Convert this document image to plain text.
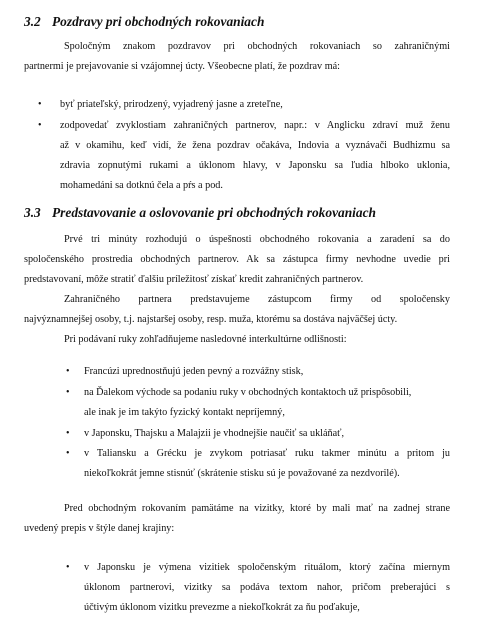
3.2 Pozdravy pri obchodných rokovaniach

Spoločným znakom pozdravov pri obchodných rokovaniach so zahraničnými

partnermi je prejavovanie si vzájomnej úcty. Všeobecne platí, že pozdrav má:

• byť priateľský, prirodzený, vyjadrený jasne a zreteľne,

• zodpovedať zvyklostiam zahraničných partnerov, napr.: v Anglicku zdraví muž ženu

až v okamihu, keď vidí, že žena pozdrav očakáva, Indovia a vyznávači Budhizmu sa

zdravia zopnutými rukami a úklonom hlavy, v Japonsku sa ľudia hlboko uklonia,

mohamedáni sa dotknú čela a pŕs a pod.

3.3 Predstavovanie a oslovovanie pri obchodných rokovaniach

Prvé tri minúty rozhodujú o úspešnosti obchodného rokovania a zaradení sa do

spoločenského prostredia obchodných partnerov. Ak sa zástupca firmy nevhodne uvedie pri

predstavovaní, môže stratiť ďalšiu príležitosť získať kredit zahraničných partnerov.

Zahraničného partnera predstavujeme zástupcom firmy od spoločensky

najvýznamnejšej osoby, t.j. najstaršej osoby, resp. muža, ktorému sa dostáva najväčšej úcty.

Pri podávaní ruky zohľadňujeme nasledovné interkultúrne odlišnosti:

• Francúzi uprednostňujú jeden pevný a rozvážny stisk,

• na Ďalekom východe sa podaniu ruky v obchodných kontaktoch už prispôsobili,

ale inak je im takýto fyzický kontakt nepríjemný,

• v Japonsku, Thajsku a Malajzii je vhodnejšie naučiť sa ukláňať,

• v Taliansku a Grécku je zvykom potriasať ruku takmer minútu a pritom ju

niekoľkokrát jemne stisnúť (skrátenie stisku sú je považované za nezdvorilé).

Pred obchodným rokovaním pamätáme na vizitky, ktoré by mali mať na zadnej strane

uvedený prepis v štýle danej krajiny:

• v Japonsku je výmena vizitiek spoločenským rituálom, ktorý začína miernym

úklonom partnerovi, vizitky sa podáva textom nahor, pričom preberajúci s

účtivým úklonom vizitku prevezme a niekoľkokrát za ňu poďakuje,
